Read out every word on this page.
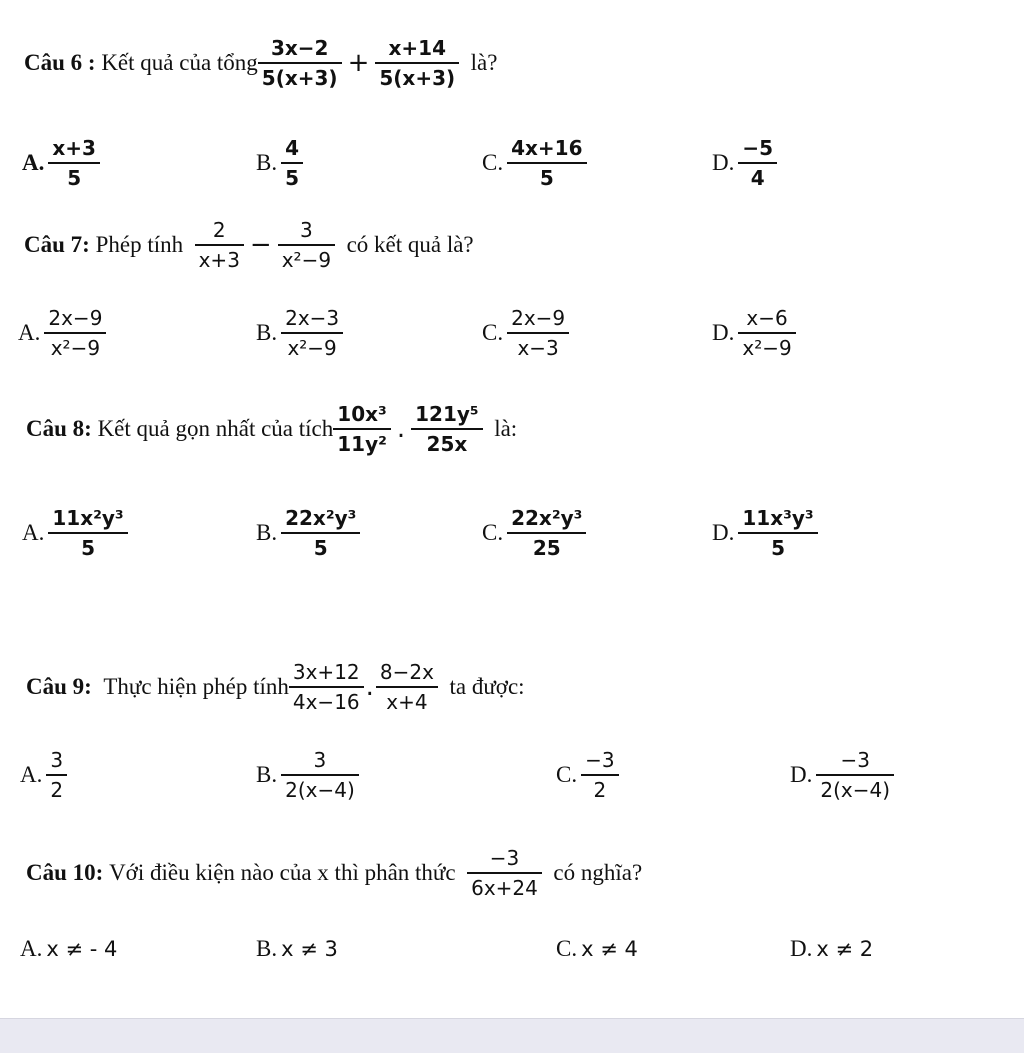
Câu 6 :
Kết quả của tổng $\frac{3x-2}{5(x+3)} + \frac{x+14}{5(x+3)}$
là?
A. $\frac{x+3}{5}$	B. $\frac{4}{5}$	C. $\frac{4x+16}{5}$	D. $\frac{-5}{4}$
Câu 7:
Phép tính
$\frac{2}{x+3} - \frac{3}{\text{x²−9}}$
có kết quả là?
A. $\frac{2x-9}{\text{x²−9}}$	B. $\frac{2x-3}{\text{x²−9}}$	C. $\frac{2x-9}{x-3}$	D. $\frac{x-6}{\text{x²−9}}$
Câu 8:
Kết quả gọn nhất của tích $\frac{\text{10x³}}{\text{11y²}}$ . $\frac{\text{121y⁵}}{25x}$
là:
A. $\frac{\text{11x²y³}}{5}$	B. $\frac{\text{22x²y³}}{5}$	C. $\frac{\text{22x²y³}}{25}$	D. $\frac{\text{11x³y³}}{5}$
Câu 9:
Thực hiện phép tính $\frac{3x+12}{4x-16}$ . $\frac{8-2x}{x+4}$
ta được:
A. $\frac{3}{2}$	B. $\frac{3}{2(x-4)}$	C. $\frac{-3}{2}$	D. $\frac{-3}{2(x-4)}$
Câu 10:
Với điều kiện nào của x thì phân thức
$\frac{-3}{6x+24}$
có nghĩa?
A. x ≠ - 4	B. x ≠ 3	C. x ≠ 4	D. x ≠ 2
